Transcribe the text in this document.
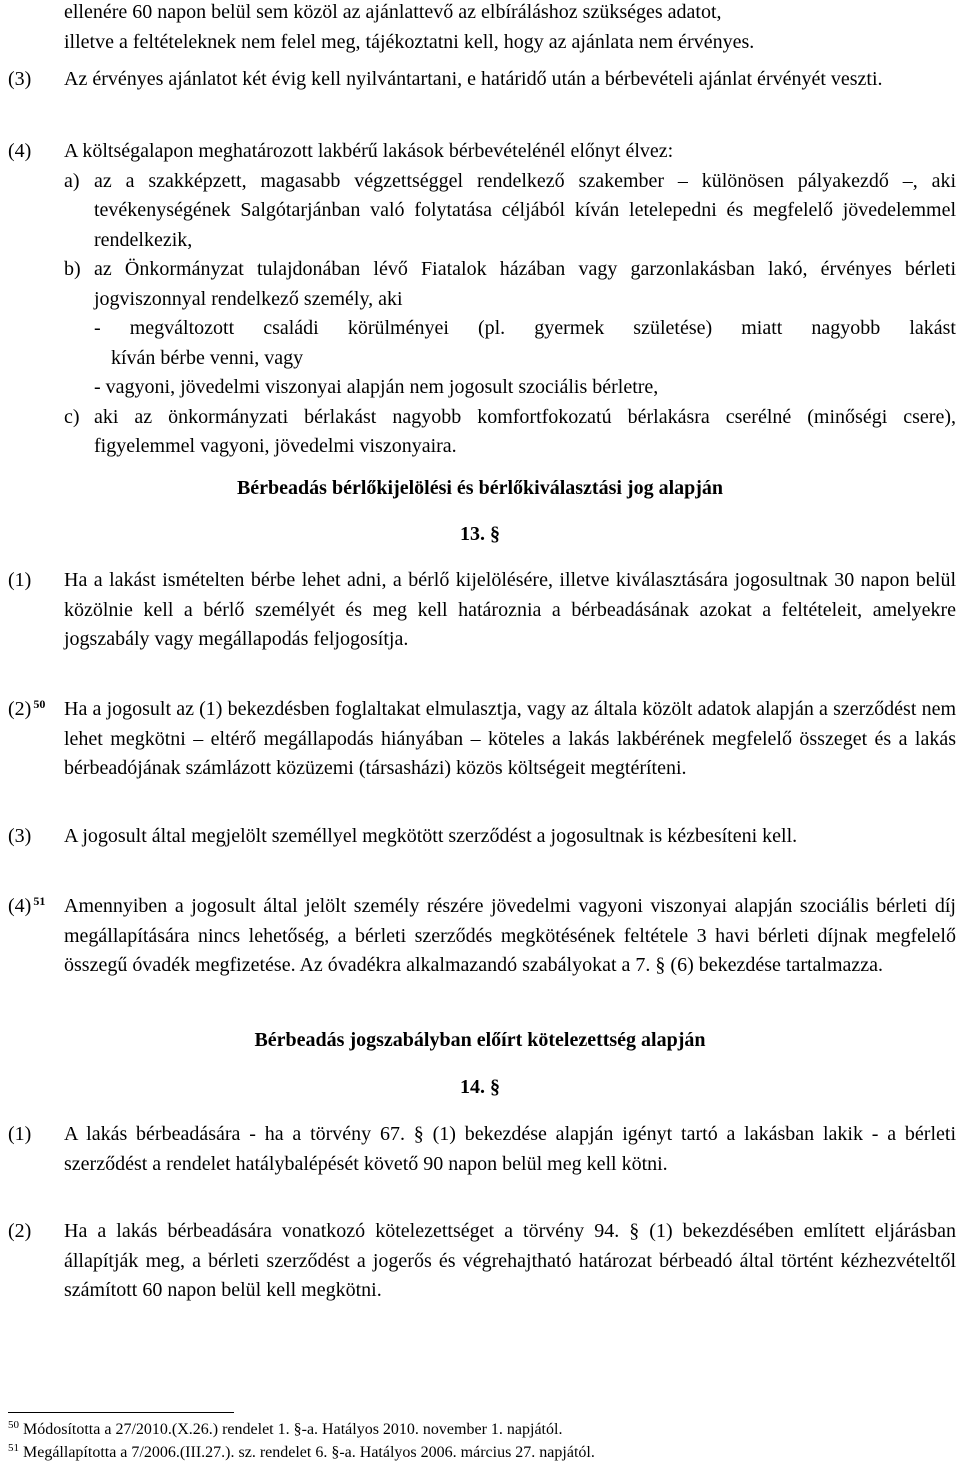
ellenére 60 napon belül sem közöl az ajánlattevő az elbíráláshoz szükséges adatot,
illetve a feltételeknek nem felel meg, tájékoztatni kell, hogy az ajánlata nem érvényes.
(3) Az érvényes ajánlatot két évig kell nyilvántartani, e határidő után a bérbevételi ajánlat érvényét veszti.
(4) A költségalapon meghatározott lakbérű lakások bérbevételénél előnyt élvez:
a) az a szakképzett, magasabb végzettséggel rendelkező szakember – különösen pályakezdő –, aki tevékenységének Salgótarjánban való folytatása céljából kíván letelepedni és megfelelő jövedelemmel rendelkezik,
b) az Önkormányzat tulajdonában lévő Fiatalok házában vagy garzonlakásban lakó, érvényes bérleti jogviszonnyal rendelkező személy, aki
- megváltozott családi körülményei (pl. gyermek születése) miatt nagyobb lakást
kíván bérbe venni, vagy
- vagyoni, jövedelmi viszonyai alapján nem jogosult szociális bérletre,
c) aki az önkormányzati bérlakást nagyobb komfortfokozatú bérlakásra cserélné (minőségi csere), figyelemmel vagyoni, jövedelmi viszonyaira.
Bérbeadás bérlőkijelölési és bérlőkiválasztási jog alapján
13. §
(1) Ha a lakást ismételten bérbe lehet adni, a bérlő kijelölésére, illetve kiválasztására jogosultnak 30 napon belül közölnie kell a bérlő személyét és meg kell határoznia a bérbeadásának azokat a feltételeit, amelyekre jogszabály vagy megállapodás feljogosítja.
(2) $^{50}$ Ha a jogosult az (1) bekezdésben foglaltakat elmulasztja, vagy az általa közölt adatok alapján a szerződést nem lehet megkötni – eltérő megállapodás hiányában – köteles a lakás lakbérének megfelelő összeget és a lakás bérbeadójának számlázott közüzemi (társasházi) közös költségeit megtéríteni.
(3) A jogosult által megjelölt személlyel megkötött szerződést a jogosultnak is kézbesíteni kell.
(4) $^{51}$ Amennyiben a jogosult által jelölt személy részére jövedelmi vagyoni viszonyai alapján szociális bérleti díj megállapítására nincs lehetőség, a bérleti szerződés megkötésének feltétele 3 havi bérleti díjnak megfelelő összegű óvadék megfizetése. Az óvadékra alkalmazandó szabályokat a 7. § (6) bekezdése tartalmazza.
Bérbeadás jogszabályban előírt kötelezettség alapján
14. §
(1) A lakás bérbeadására - ha a törvény 67. § (1) bekezdése alapján igényt tartó a lakásban lakik - a bérleti szerződést a rendelet hatálybalépését követő 90 napon belül meg kell kötni.
(2) Ha a lakás bérbeadására vonatkozó kötelezettséget a törvény 94. § (1) bekezdésében említett eljárásban állapítják meg, a bérleti szerződést a jogerős és végrehajtható határozat bérbeadó által történt kézhezvételtől számított 60 napon belül kell megkötni.
$^{50}$ Módosította a 27/2010.(X.26.) rendelet 1. §-a. Hatályos 2010. november 1. napjától.
$^{51}$ Megállapította a 7/2006.(III.27.). sz. rendelet 6. §-a. Hatályos 2006. március 27. napjától.
